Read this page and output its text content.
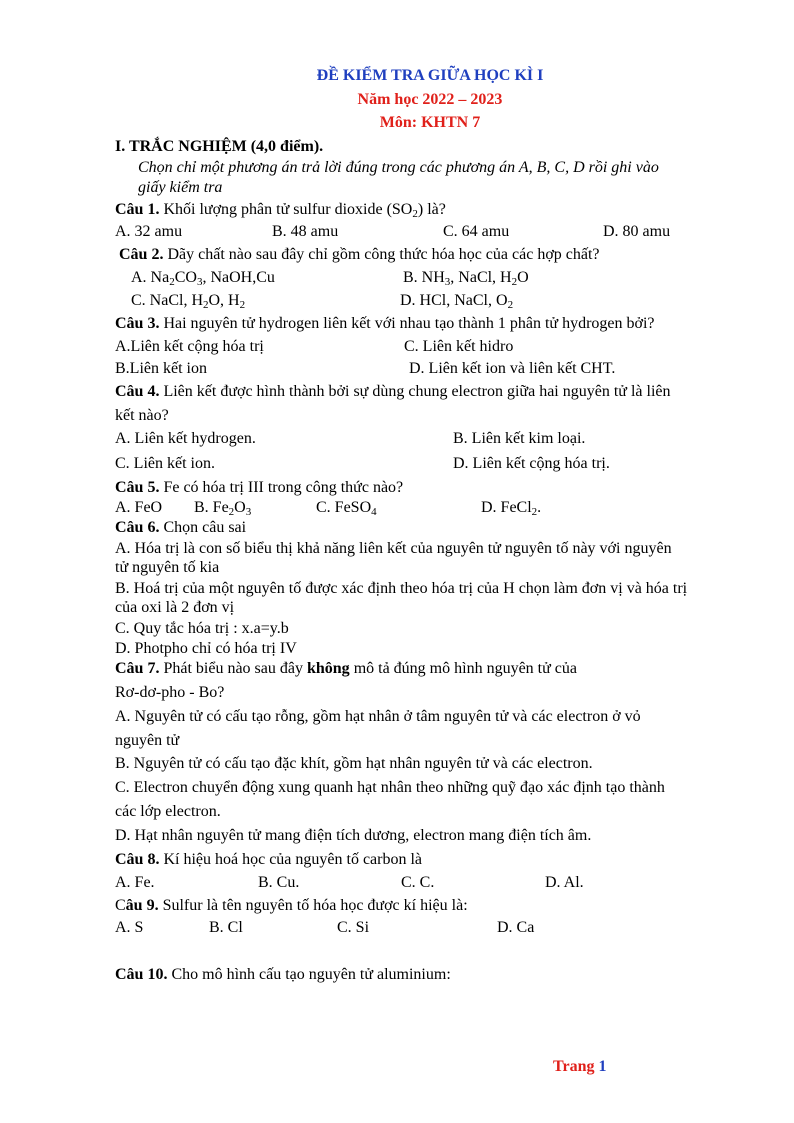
ĐỀ KIỂM TRA GIỮA HỌC KÌ I
Năm học 2022 – 2023
Môn: KHTN 7
I. TRẮC NGHIỆM (4,0 điểm).
Chọn chỉ một phương án trả lời đúng trong các phương án A, B, C, D rồi ghi vào
giấy kiểm tra
Câu 1. Khối lượng phân tử sulfur dioxide $(SO_2)$ là?
A. 32 amu	B. 48 amu	C. 64 amu	D. 80 amu
Câu 2. Dãy chất nào sau đây chỉ gồm công thức hóa học của các hợp chất?
A. $Na_2CO_3$, NaOH,Cu	B. $NH_3$, NaCl, $H_2O$
C. NaCl, $H_2O$, $H_2$	D. HCl, NaCl, $O_2$
Câu 3. Hai nguyên tử hydrogen liên kết với nhau tạo thành 1 phân tử hydrogen bởi?
A.Liên kết cộng hóa trị	C. Liên kết hidro
B.Liên kết ion	D. Liên kết ion và liên kết CHT.
Câu 4. Liên kết được hình thành bởi sự dùng chung electron giữa hai nguyên tử là liên
kết nào?
A. Liên kết hydrogen.	B. Liên kết kim loại.
C. Liên kết ion.	D. Liên kết cộng hóa trị.
Câu 5. Fe có hóa trị III trong công thức nào?
A. FeO B. $Fe_2O_3$	C. FeSO$_4$	D. FeCl$_2$.
Câu 6. Chọn câu sai
A. Hóa trị là con số biểu thị khả năng liên kết của nguyên tử nguyên tố này với nguyên
tử nguyên tố kia
B. Hoá trị của một nguyên tố được xác định theo hóa trị của H chọn làm đơn vị và hóa trị
của oxi là 2 đơn vị
C. Quy tắc hóa trị : x.a=y.b
D. Photpho chỉ có hóa trị IV
Câu 7. Phát biểu nào sau đây không mô tả đúng mô hình nguyên tử của
Rơ-dơ-pho - Bo?
A. Nguyên tử có cấu tạo rỗng, gồm hạt nhân ở tâm nguyên tử và các electron ở vỏ
nguyên tử
B. Nguyên tử có cấu tạo đặc khít, gồm hạt nhân nguyên tử và các electron.
C. Electron chuyển động xung quanh hạt nhân theo những quỹ đạo xác định tạo thành
các lớp electron.
D. Hạt nhân nguyên tử mang điện tích dương, electron mang điện tích âm.
Câu 8. Kí hiệu hoá học của nguyên tố carbon là
A. Fe.	B. Cu.	C. C.	D. Al.
Câu 9. Sulfur là tên nguyên tố hóa học được kí hiệu là:
A. S	B. Cl	C. Si	D. Ca
Câu 10. Cho mô hình cấu tạo nguyên tử aluminium:
Trang 1
